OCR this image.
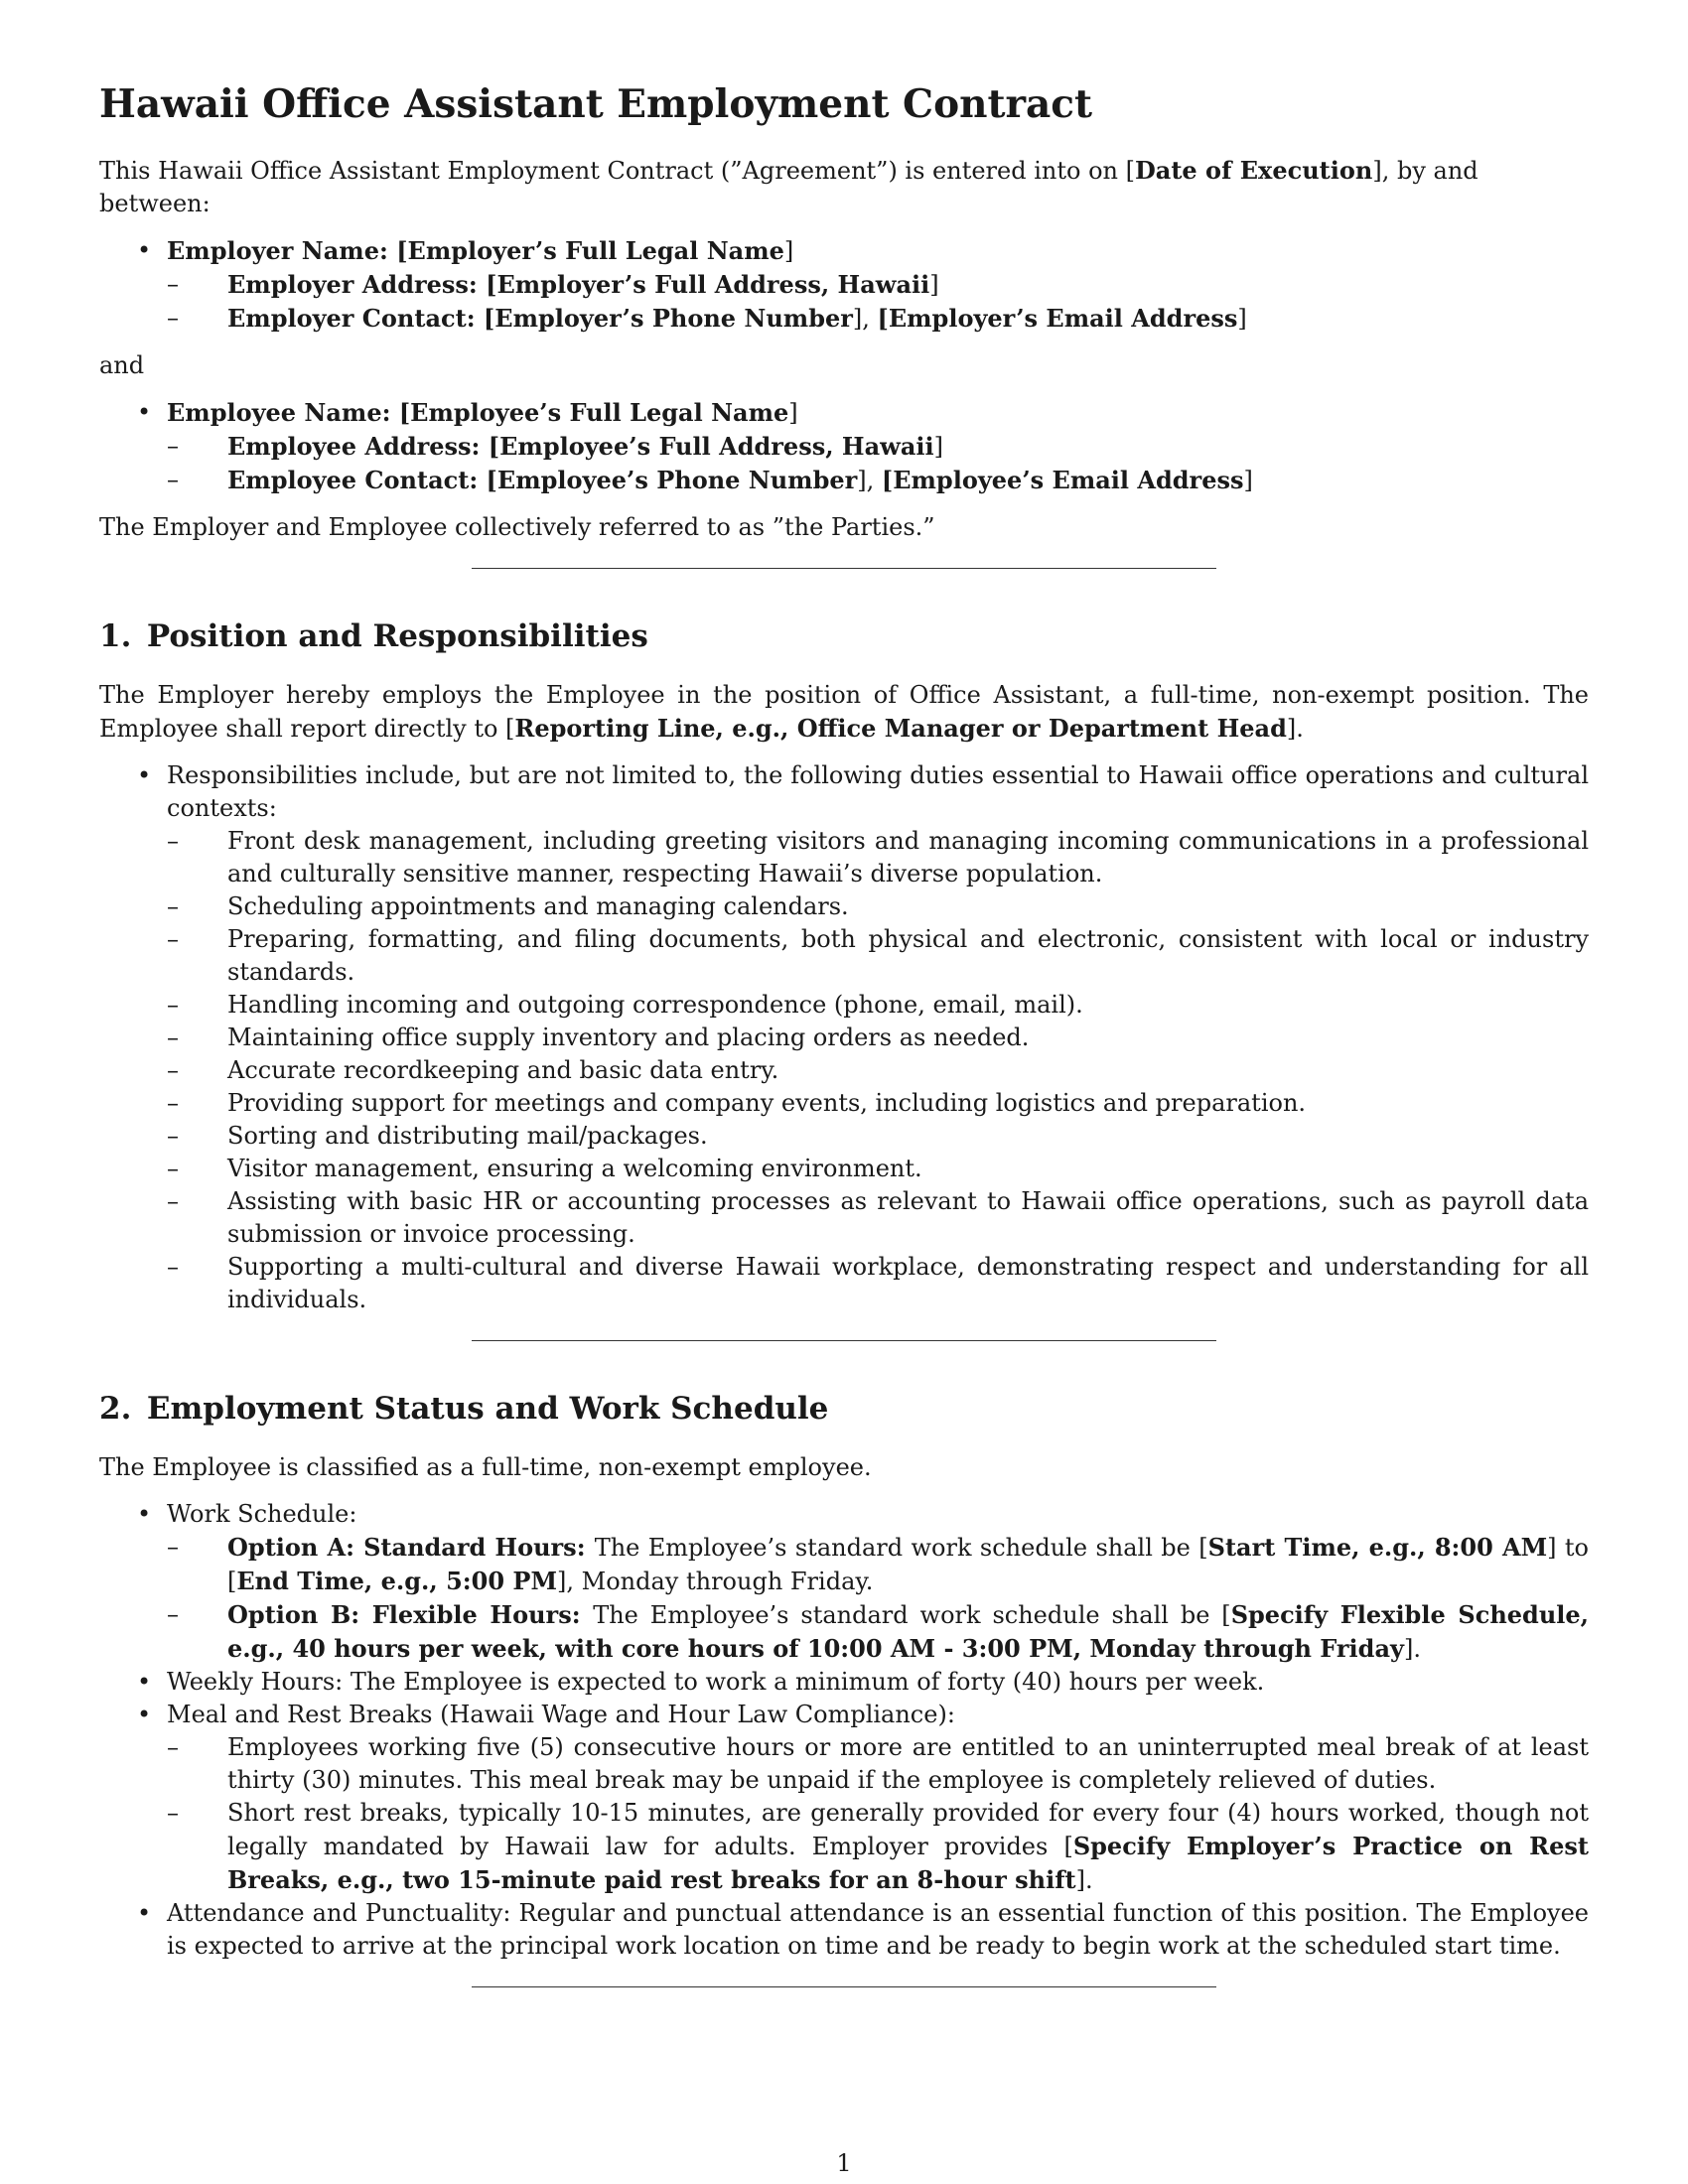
Hawaii Office Assistant Employment Contract

This Hawaii Office Assistant Employment Contract (”Agreement”) is entered into on [Date of Execution], by and between:

• Employer Name: [Employer’s Full Legal Name]
– Employer Address: [Employer’s Full Address, Hawaii]
– Employer Contact: [Employer’s Phone Number], [Employer’s Email Address]

and

• Employee Name: [Employee’s Full Legal Name]
– Employee Address: [Employee’s Full Address, Hawaii]
– Employee Contact: [Employee’s Phone Number], [Employee’s Email Address]

The Employer and Employee collectively referred to as ”the Parties.”

1. Position and Responsibilities

The Employer hereby employs the Employee in the position of Office Assistant, a full-time, non-exempt position. The Employee shall report directly to [Reporting Line, e.g., Office Manager or Department Head].

• Responsibilities include, but are not limited to, the following duties essential to Hawaii office operations and cultural contexts:
– Front desk management, including greeting visitors and managing incoming communications in a professional and culturally sensitive manner, respecting Hawaii’s diverse population.
– Scheduling appointments and managing calendars.
– Preparing, formatting, and filing documents, both physical and electronic, consistent with local or industry standards.
– Handling incoming and outgoing correspondence (phone, email, mail).
– Maintaining office supply inventory and placing orders as needed.
– Accurate recordkeeping and basic data entry.
– Providing support for meetings and company events, including logistics and preparation.
– Sorting and distributing mail/packages.
– Visitor management, ensuring a welcoming environment.
– Assisting with basic HR or accounting processes as relevant to Hawaii office operations, such as payroll data submission or invoice processing.
– Supporting a multi-cultural and diverse Hawaii workplace, demonstrating respect and understanding for all individuals.
2. Employment Status and Work Schedule

The Employee is classified as a full-time, non-exempt employee.

• Work Schedule:
– Option A: Standard Hours: The Employee’s standard work schedule shall be [Start Time, e.g., 8:00 AM] to [End Time, e.g., 5:00 PM], Monday through Friday.
– Option B: Flexible Hours: The Employee’s standard work schedule shall be [Specify Flexible Schedule, e.g., 40 hours per week, with core hours of 10:00 AM - 3:00 PM, Monday through Friday].
• Weekly Hours: The Employee is expected to work a minimum of forty (40) hours per week.
• Meal and Rest Breaks (Hawaii Wage and Hour Law Compliance):
– Employees working five (5) consecutive hours or more are entitled to an uninterrupted meal break of at least thirty (30) minutes. This meal break may be unpaid if the employee is completely relieved of duties.
– Short rest breaks, typically 10-15 minutes, are generally provided for every four (4) hours worked, though not legally mandated by Hawaii law for adults. Employer provides [Specify Employer’s Practice on Rest Breaks, e.g., two 15-minute paid rest breaks for an 8-hour shift].
• Attendance and Punctuality: Regular and punctual attendance is an essential function of this position. The Employee is expected to arrive at the principal work location on time and be ready to begin work at the scheduled start time.
1
